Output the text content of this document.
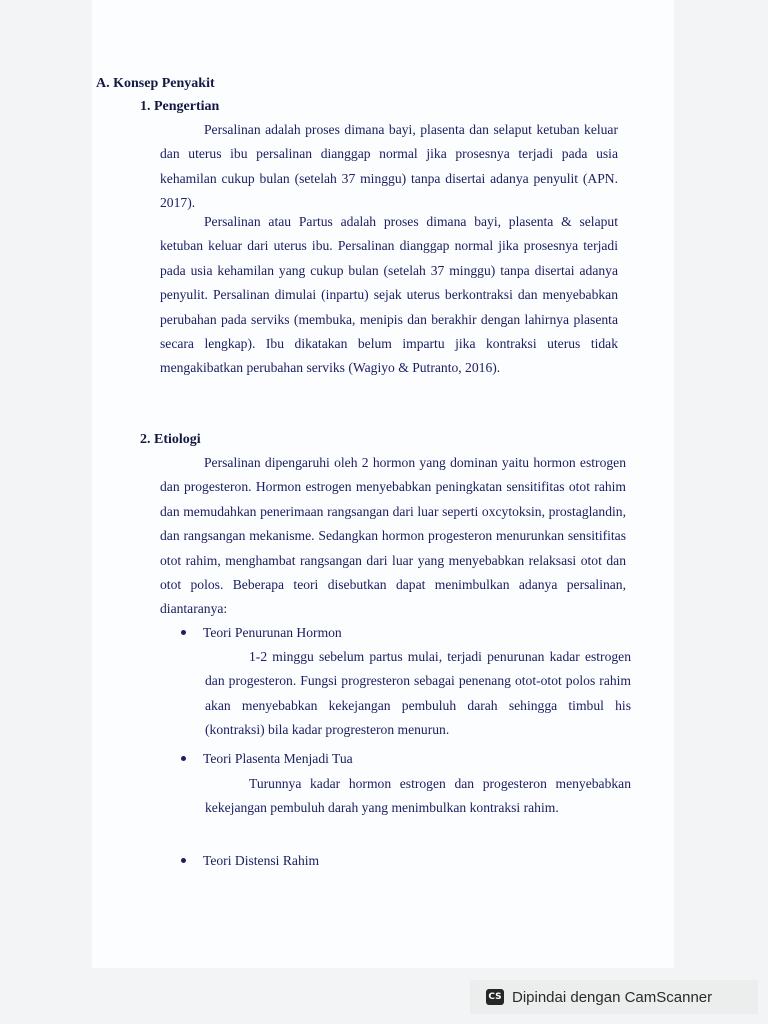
A. Konsep Penyakit
1. Pengertian

Persalinan adalah proses dimana bayi, plasenta dan selaput ketuban keluar dan uterus ibu persalinan dianggap normal jika prosesnya terjadi pada usia kehamilan cukup bulan (setelah 37 minggu) tanpa disertai adanya penyulit (APN. 2017).

Persalinan atau Partus adalah proses dimana bayi, plasenta & selaput ketuban keluar dari uterus ibu. Persalinan dianggap normal jika prosesnya terjadi pada usia kehamilan yang cukup bulan (setelah 37 minggu) tanpa disertai adanya penyulit. Persalinan dimulai (inpartu) sejak uterus berkontraksi dan menyebabkan perubahan pada serviks (membuka, menipis dan berakhir dengan lahirnya plasenta secara lengkap). Ibu dikatakan belum impartu jika kontraksi uterus tidak mengakibatkan perubahan serviks (Wagiyo & Putranto, 2016).

2. Etiologi

Persalinan dipengaruhi oleh 2 hormon yang dominan yaitu hormon estrogen dan progesteron. Hormon estrogen menyebabkan peningkatan sensitifitas otot rahim dan memudahkan penerimaan rangsangan dari luar seperti oxcytoksin, prostaglandin, dan rangsangan mekanisme. Sedangkan hormon progesteron menurunkan sensitifitas otot rahim, menghambat rangsangan dari luar yang menyebabkan relaksasi otot dan otot polos. Beberapa teori disebutkan dapat menimbulkan adanya persalinan, diantaranya:

Teori Penurunan Hormon

1-2 minggu sebelum partus mulai, terjadi penurunan kadar estrogen dan progesteron. Fungsi progresteron sebagai penenang otot-otot polos rahim akan menyebabkan kekejangan pembuluh darah sehingga timbul his (kontraksi) bila kadar progresteron menurun.

Teori Plasenta Menjadi Tua

Turunnya kadar hormon estrogen dan progesteron menyebabkan kekejangan pembuluh darah yang menimbulkan kontraksi rahim.

Teori Distensi Rahim
CS Dipindai dengan CamScanner
